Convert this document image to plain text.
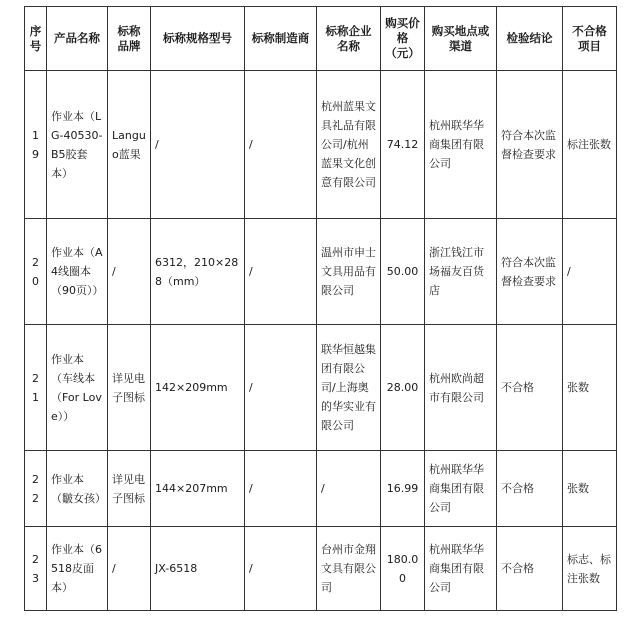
序号	产品名称	标称品牌	标称规格型号	标称制造商	标称企业名称	购买价格（元）	购买地点或渠道	检验结论	不合格项目
19	作业本（LG-40530-B5胶套本）	Languo蓝果	/	/	杭州蓝果文具礼品有限公司/杭州蓝果文化创意有限公司	74.12	杭州联华华商集团有限公司	符合本次监督检查要求	标注张数
20	作业本（A4线圈本（90页））	/	6312，210×288（mm）	/	温州市申士文具用品有限公司	50.00	浙江钱江市场福友百货店	符合本次监督检查要求	/
21	作业本（车线本（For Love））	详见电子图标	142×209mm	/	联华恒越集团有限公司/上海奥的华实业有限公司	28.00	杭州欧尚超市有限公司	不合格	张数
22	作业本（皺女孩）	详见电子图标	144×207mm	/	/	16.99	杭州联华华商集团有限公司	不合格	张数
23	作业本（6518皮面本）	/	JX-6518	/	台州市金翔文具有限公司	180.00	杭州联华华商集团有限公司	不合格	标志、标注张数
